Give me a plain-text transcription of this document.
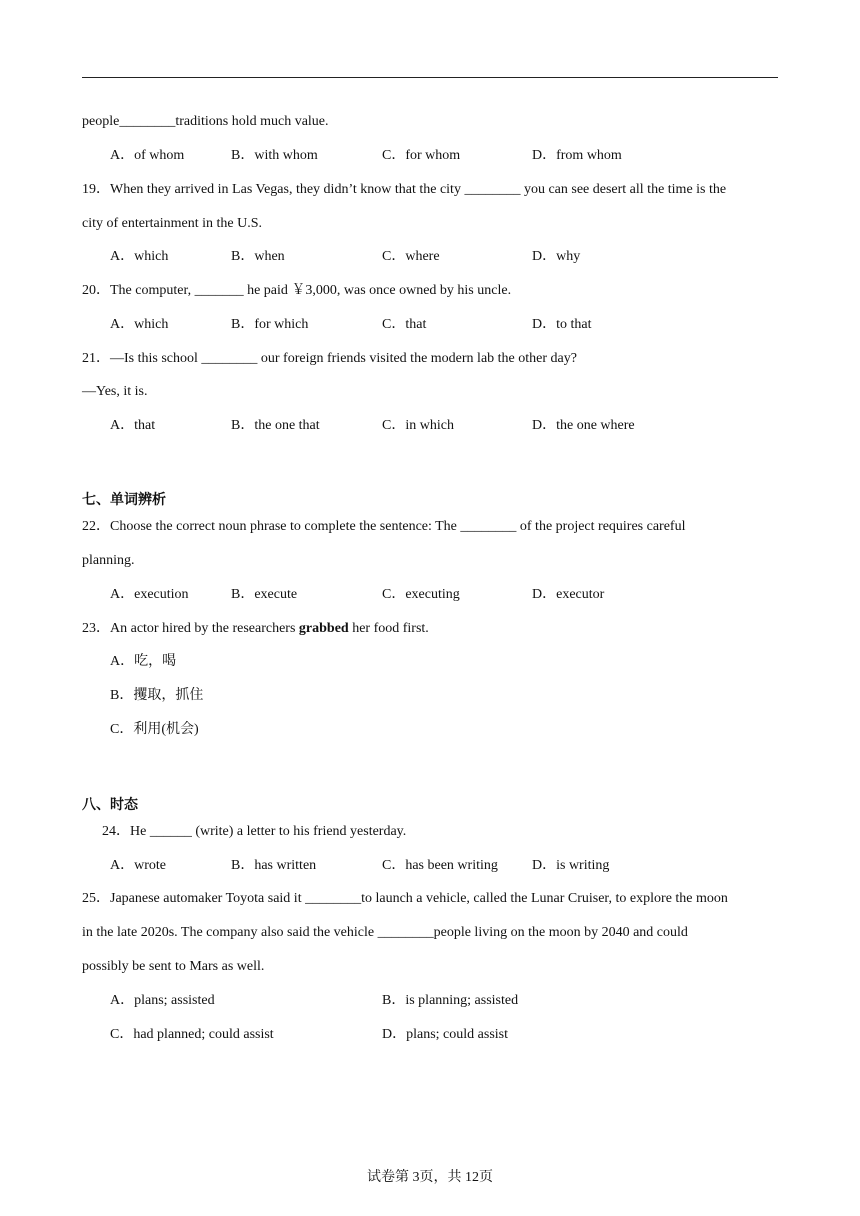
people________traditions hold much value.
A．of whom	B．with whom	C．for whom	D．from whom
19．When they arrived in Las Vegas, they didn’t know that the city ________ you can see desert all the time is the
city of entertainment in the U.S.
A．which	B．when	C．where	D．why
20．The computer, _______ he paid ￥3,000, was once owned by his uncle.
A．which	B．for which	C．that	D．to that
21．—Is this school ________ our foreign friends visited the modern lab the other day?
—Yes, it is.
A．that	B．the one that	C．in which	D．the one where
七、单词辨析
22．Choose the correct noun phrase to complete the sentence: The ________ of the project requires careful
planning.
A．execution	B．execute	C．executing	D．executor
23．An actor hired by the researchers grabbed her food first.
A．吃，喝
B．攫取，抓住
C．利用(机会)
八、时态
24．He ______ (write) a letter to his friend yesterday.
A．wrote	B．has written	C．has been writing D．is writing
25．Japanese automaker Toyota said it ________to launch a vehicle, called the Lunar Cruiser, to explore the moon
in the late 2020s. The company also said the vehicle ________people living on the moon by 2040 and could
possibly be sent to Mars as well.
A．plans; assisted	B．is planning; assisted
C．had planned; could assist	D．plans; could assist
试卷第 3页，共 12页
